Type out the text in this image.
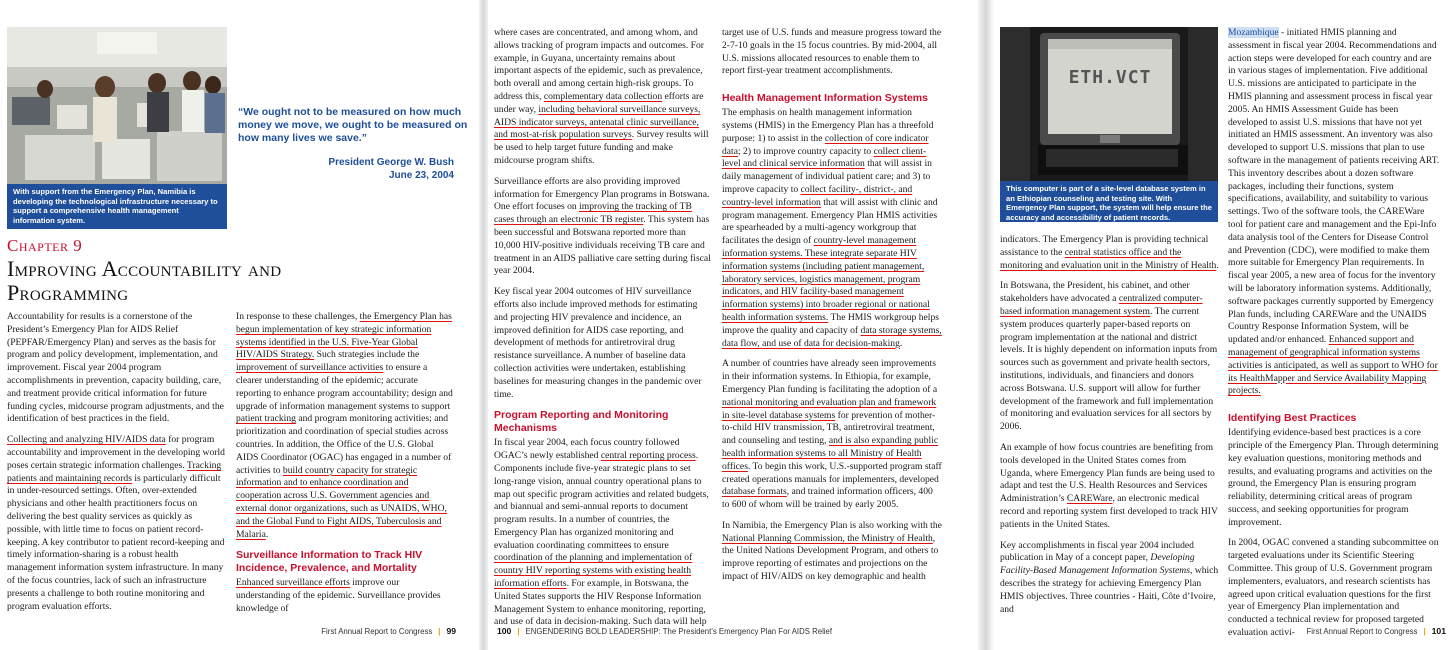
With support from the Emergency Plan, Namibia is developing the technological infrastructure necessary to support a comprehensive health management information system.
“We ought not to be measured on how much money we move, we ought to be measured on how many lives we save.”
President George W. Bush
June 23, 2004
Chapter 9
Improving Accountability and
Programming

Accountability for results is a cornerstone of the President’s Emergency Plan for AIDS Relief (PEPFAR/Emergency Plan) and serves as the basis for program and policy development, implementation, and improvement. Fiscal year 2004 program accomplishments in prevention, capacity building, care, and treatment provide critical information for future funding cycles, midcourse program adjustments, and the identification of best practices in the field.

Collecting and analyzing HIV/AIDS data for program accountability and improvement in the developing world poses certain strategic information challenges. Tracking patients and maintaining records is particularly difficult in under-resourced settings. Often, over-extended physicians and other health practitioners focus on delivering the best quality services as quickly as possible, with little time to focus on patient record-keeping. A key contributor to patient record-keeping and timely information-sharing is a robust health management information system infrastructure. In many of the focus countries, lack of such an infrastructure presents a challenge to both routine monitoring and program evaluation efforts.

In response to these challenges, the Emergency Plan has begun implementation of key strategic information systems identified in the U.S. Five-Year Global HIV/AIDS Strategy. Such strategies include the improvement of surveillance activities to ensure a clearer understanding of the epidemic; accurate reporting to enhance program accountability; design and upgrade of information management systems to support patient tracking and program monitoring activities; and prioritization and coordination of special studies across countries. In addition, the Office of the U.S. Global AIDS Coordinator (OGAC) has engaged in a number of activities to build country capacity for strategic information and to enhance coordination and cooperation across U.S. Government agencies and external donor organizations, such as UNAIDS, WHO, and the Global Fund to Fight AIDS, Tuberculosis and Malaria.

Surveillance Information to Track HIV Incidence, Prevalence, and Mortality

Enhanced surveillance efforts improve our understanding of the epidemic. Surveillance provides knowledge of

First Annual Report to Congress | 99

where cases are concentrated, and among whom, and allows tracking of program impacts and outcomes. For example, in Guyana, uncertainty remains about important aspects of the epidemic, such as prevalence, both overall and among certain high-risk groups. To address this, complementary data collection efforts are under way, including behavioral surveillance surveys, AIDS indicator surveys, antenatal clinic surveillance, and most-at-risk population surveys. Survey results will be used to help target future funding and make midcourse program shifts.

Surveillance efforts are also providing improved information for Emergency Plan programs in Botswana. One effort focuses on improving the tracking of TB cases through an electronic TB register. This system has been successful and Botswana reported more than 10,000 HIV-positive individuals receiving TB care and treatment in an AIDS palliative care setting during fiscal year 2004.

Key fiscal year 2004 outcomes of HIV surveillance efforts also include improved methods for estimating and projecting HIV prevalence and incidence, an improved definition for AIDS case reporting, and development of methods for antiretroviral drug resistance surveillance. A number of baseline data collection activities were undertaken, establishing baselines for measuring changes in the pandemic over time.

Program Reporting and Monitoring Mechanisms

In fiscal year 2004, each focus country followed OGAC’s newly established central reporting process. Components include five-year strategic plans to set long-range vision, annual country operational plans to map out specific program activities and related budgets, and biannual and semi-annual reports to document program results. In a number of countries, the Emergency Plan has organized monitoring and evaluation coordinating committees to ensure coordination of the planning and implementation of country HIV reporting systems with existing health information efforts. For example, in Botswana, the United States supports the HIV Response Information Management System to enhance monitoring, reporting, and use of data in decision-making. Such data will help

target use of U.S. funds and measure progress toward the 2-7-10 goals in the 15 focus countries. By mid-2004, all U.S. missions allocated resources to enable them to report first-year treatment accomplishments.

Health Management Information Systems

The emphasis on health management information systems (HMIS) in the Emergency Plan has a threefold purpose: 1) to assist in the collection of core indicator data; 2) to improve country capacity to collect client-level and clinical service information that will assist in daily management of individual patient care; and 3) to improve capacity to collect facility-, district-, and country-level information that will assist with clinic and program management. Emergency Plan HMIS activities are spearheaded by a multi-agency workgroup that facilitates the design of country-level management information systems. These integrate separate HIV information systems (including patient management, laboratory services, logistics management, program indicators, and HIV facility-based management information systems) into broader regional or national health information systems. The HMIS workgroup helps improve the quality and capacity of data storage systems, data flow, and use of data for decision-making.

A number of countries have already seen improvements in their information systems. In Ethiopia, for example, Emergency Plan funding is facilitating the adoption of a national monitoring and evaluation plan and framework in site-level database systems for prevention of mother-to-child HIV transmission, TB, antiretroviral treatment, and counseling and testing, and is also expanding public health information systems to all Ministry of Health offices. To begin this work, U.S.-supported program staff created operations manuals for implementers, developed database formats, and trained information officers, 400 to 600 of whom will be trained by early 2005.

In Namibia, the Emergency Plan is also working with the National Planning Commission, the Ministry of Health, the United Nations Development Program, and others to improve reporting of estimates and projections on the impact of HIV/AIDS on key demographic and health

100 | ENGENDERING BOLD LEADERSHIP: The President’s Emergency Plan For AIDS Relief
ETH.VCT
This computer is part of a site-level database system in an Ethiopian counseling and testing site. With Emergency Plan support, the system will help ensure the accuracy and accessibility of patient records.

indicators. The Emergency Plan is providing technical assistance to the central statistics office and the monitoring and evaluation unit in the Ministry of Health.

In Botswana, the President, his cabinet, and other stakeholders have advocated a centralized computer-based information management system. The current system produces quarterly paper-based reports on program implementation at the national and district levels. It is highly dependent on information inputs from sources such as government and private health sectors, institutions, individuals, and financiers and donors across Botswana. U.S. support will allow for further development of the framework and full implementation of monitoring and evaluation services for all sectors by 2006.

An example of how focus countries are benefiting from tools developed in the United States comes from Uganda, where Emergency Plan funds are being used to adapt and test the U.S. Health Resources and Services Administration’s CAREWare, an electronic medical record and reporting system first developed to track HIV patients in the United States.

Key accomplishments in fiscal year 2004 included publication in May of a concept paper, Developing Facility-Based Management Information Systems, which describes the strategy for achieving Emergency Plan HMIS objectives. Three countries - Haiti, Côte d’Ivoire, and

Mozambique - initiated HMIS planning and assessment in fiscal year 2004. Recommendations and action steps were developed for each country and are in various stages of implementation. Five additional U.S. missions are anticipated to participate in the HMIS planning and assessment process in fiscal year 2005. An HMIS Assessment Guide has been developed to assist U.S. missions that have not yet initiated an HMIS assessment. An inventory was also developed to support U.S. missions that plan to use software in the management of patients receiving ART. This inventory describes about a dozen software packages, including their functions, system specifications, availability, and suitability to various settings. Two of the software tools, the CAREWare tool for patient care and management and the Epi-Info data analysis tool of the Centers for Disease Control and Prevention (CDC), were modified to make them more suitable for Emergency Plan requirements. In fiscal year 2005, a new area of focus for the inventory will be laboratory information systems. Additionally, software packages currently supported by Emergency Plan funds, including CAREWare and the UNAIDS Country Response Information System, will be updated and/or enhanced. Enhanced support and management of geographical information systems activities is anticipated, as well as support to WHO for its HealthMapper and Service Availability Mapping projects.

Identifying Best Practices

Identifying evidence-based best practices is a core principle of the Emergency Plan. Through determining key evaluation questions, monitoring methods and results, and evaluating programs and activities on the ground, the Emergency Plan is ensuring program reliability, determining critical areas of program success, and seeking opportunities for program improvement.

In 2004, OGAC convened a standing subcommittee on targeted evaluations under its Scientific Steering Committee. This group of U.S. Government program implementers, evaluators, and research scientists has agreed upon critical evaluation questions for the first year of Emergency Plan implementation and conducted a technical review for proposed targeted evaluation activi-	First Annual Report to Congress | 101
